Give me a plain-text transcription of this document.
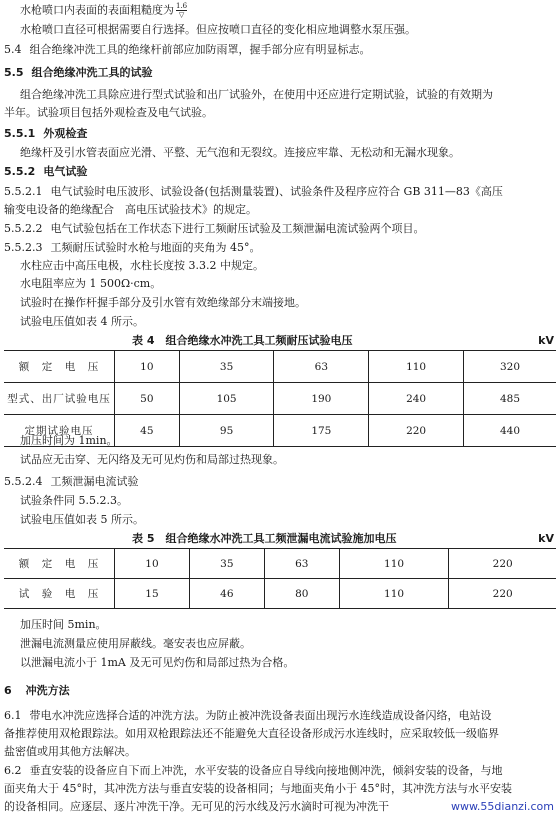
水枪喷口内表面的表面粗糙度为 $\frac{1.6}{▽}$
水枪喷口直径可根据需要自行选择。但应按喷口直径的变化相应地调整水泵压强。
5.4 组合绝缘冲洗工具的绝缘杆前部应加防雨罩，握手部分应有明显标志。
5.5 组合绝缘冲洗工具的试验
组合绝缘冲洗工具除应进行型式试验和出厂试验外，在使用中还应进行定期试验，试验的有效期为
半年。试验项目包括外观检查及电气试验。
5.5.1 外观检查
绝缘杆及引水管表面应光滑、平整、无气泡和无裂纹。连接应牢靠、无松动和无漏水现象。
5.5.2 电气试验
5.5.2.1 电气试验时电压波形、试验设备(包括测量装置)、试验条件及程序应符合 GB 311—83《高压
输变电设备的绝缘配合　高电压试验技术》的规定。
5.5.2.2 电气试验包括在工作状态下进行工频耐压试验及工频泄漏电流试验两个项目。
5.5.2.3 工频耐压试验时水枪与地面的夹角为 45°。
水柱应击中高压电极，水柱长度按 3.3.2 中规定。
水电阻率应为 1 500Ω·cm。
试验时在操作杆握手部分及引水管有效绝缘部分末端接地。
试验电压值如表 4 所示。
表 4　组合绝缘水冲洗工具工频耐压试验电压	kV
额　定　电　压	10	35	63	110	320
型式、出厂试验电压	50	105	190	240	485
定期试验电压	45	95	175	220	440
加压时间为 1min。
试品应无击穿、无闪络及无可见灼伤和局部过热现象。
5.5.2.4 工频泄漏电流试验
试验条件同 5.5.2.3。
试验电压值如表 5 所示。
表 5　组合绝缘水冲洗工具工频泄漏电流试验施加电压	kV
额　定　电　压	10	35	63	110	220
试　验　电　压	15	46	80	110	220
加压时间 5min。
泄漏电流测量应使用屏蔽线。毫安表也应屏蔽。
以泄漏电流小于 1mA 及无可见灼伤和局部过热为合格。
6 冲洗方法
6.1 带电水冲洗应选择合适的冲洗方法。为防止被冲洗设备表面出现污水连线造成设备闪络，电站设
备推荐使用双枪跟踪法。如用双枪跟踪法还不能避免大直径设备形成污水连线时，应采取较低一级临界
盐密值或用其他方法解决。
6.2 垂直安装的设备应自下而上冲洗，水平安装的设备应自导线向接地侧冲洗，倾斜安装的设备，与地
面夹角大于 45°时，其冲洗方法与垂直安装的设备相同；与地面夹角小于 45°时，其冲洗方法与水平安装
的设备相同。应逐层、逐片冲洗干净。无可见的污水线及污水滴时可视为冲洗干	www.55dianzi.com
